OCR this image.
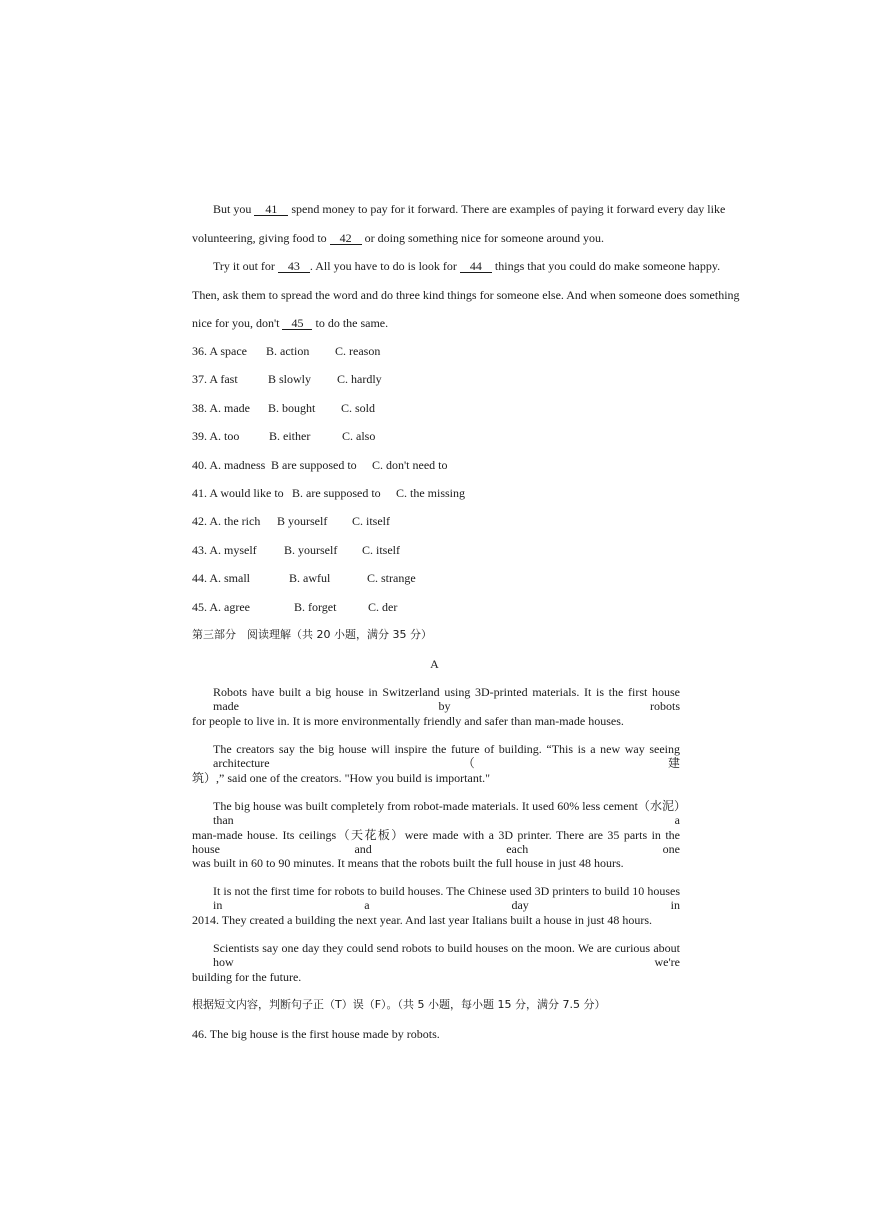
But you 41 spend money to pay for it forward. There are examples of paying it forward every day like
volunteering, giving food to 42 or doing something nice for someone around you.
Try it out for 43 . All you have to do is look for 44 things that you could do make someone happy.
Then, ask them to spread the word and do three kind things for someone else. And when someone does something
nice for you, don't 45 to do the same.
36. A space B. action C. reason
37. A fast	B slowly C. hardly
38. A. made B. bought C. sold
39. A. too B. either	C. also
40. A. madness B are supposed to C. don't need to
41. A would like to B. are supposed to C. the missing
42. A. the rich B yourself C. itself
43. A. myself B. yourself C. itself
44. A. small	B. awful	C. strange
45. A. agree	B. forget	C. der
第三部分　阅读理解（共 20 小题，满分 35 分）
A
Robots have built a big house in Switzerland using 3D-printed materials. It is the first house made by robots
for people to live in. It is more environmentally friendly and safer than man-made houses.
The creators say the big house will inspire the future of building. “This is a new way seeing architecture（建
筑）,” said one of the creators. "How you build is important."
The big house was built completely from robot-made materials. It used 60% less cement（水泥）than a
man-made house. Its ceilings（天花板）were made with a 3D printer. There are 35 parts in the house and each one
was built in 60 to 90 minutes. It means that the robots built the full house in just 48 hours.
It is not the first time for robots to build houses. The Chinese used 3D printers to build 10 houses in a day in
2014. They created a building the next year. And last year Italians built a house in just 48 hours.
Scientists say one day they could send robots to build houses on the moon. We are curious about how we're
building for the future.
根据短文内容，判断句子正（T）误（F）。（共 5 小题，每小题 15 分，满分 7.5 分）
46. The big house is the first house made by robots.
